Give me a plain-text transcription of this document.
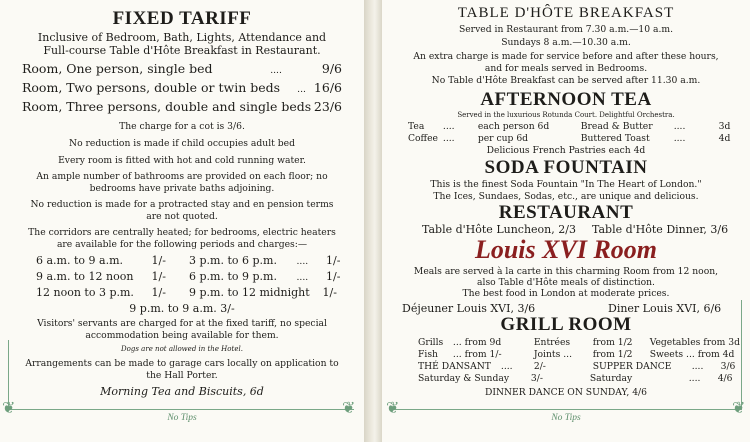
❦	❦
FIXED TARIFF
Inclusive of Bedroom, Bath, Lights, Attendance and
Full-course Table d'Hôte Breakfast in Restaurant.
Room, One person, single bed	....	9/6
Room, Two persons, double or twin beds ... 16/6
Room, Three persons, double and single beds 23/6
The charge for a cot is 3/6.
No reduction is made if child occupies adult bed
Every room is fitted with hot and cold running water.
An ample number of bathrooms are provided on each floor; no
bedrooms have private baths adjoining.
No reduction is made for a protracted stay and en pension terms
are not quoted.
The corridors are centrally heated; for bedrooms, electric heaters
are available for the following periods and charges:—
6 a.m. to 9 a.m.	1/- 3 p.m. to 6 p.m. .... 1/-
9 a.m. to 12 noon 1/- 6 p.m. to 9 p.m. .... 1/-
12 noon to 3 p.m. 1/- 9 p.m. to 12 midnight 1/-
9 p.m. to 9 a.m. 3/-
Visitors' servants are charged for at the fixed tariff, no special
accommodation being available for them.
Dogs are not allowed in the Hotel.
Arrangements can be made to garage cars locally on application to
the Hall Porter.
Morning Tea and Biscuits, 6d
No Tips
❦	❦
TABLE D'HÔTE BREAKFAST
Served in Restaurant from 7.30 a.m.—10 a.m.
Sundays 8 a.m.—10.30 a.m.
An extra charge is made for service before and after these hours,
and for meals served in Bedrooms.
No Table d'Hôte Breakfast can be served after 11.30 a.m.
AFTERNOON TEA
Served in the luxurious Rotunda Court. Delightful Orchestra.
Tea ....	each person 6d	Bread & Butter ....	3d
Coffee ....	per cup 6d	Buttered Toast	....	4d
Delicious French Pastries each 4d
SODA FOUNTAIN
This is the finest Soda Fountain "In The Heart of London."
The Ices, Sundaes, Sodas, etc., are unique and delicious.
RESTAURANT
Table d'Hôte Luncheon, 2/3 Table d'Hôte Dinner, 3/6
Louis XVI Room
Meals are served à la carte in this charming Room from 12 noon,
also Table d'Hôte meals of distinction.
The best food in London at moderate prices.
Déjeuner Louis XVI, 3/6	Diner Louis XVI, 6/6
GRILL ROOM
Grills ... from 9d	Entrées from 1/2 Vegetables from 3d
Fish ... from 1/-	Joints ... from 1/2 Sweets ... from 4d
THÉ DANSANT .... 2/-	SUPPER DANCE .... 3/6
Saturday & Sunday 3/-	Saturday	.... 4/6
DINNER DANCE ON SUNDAY, 4/6
No Tips
